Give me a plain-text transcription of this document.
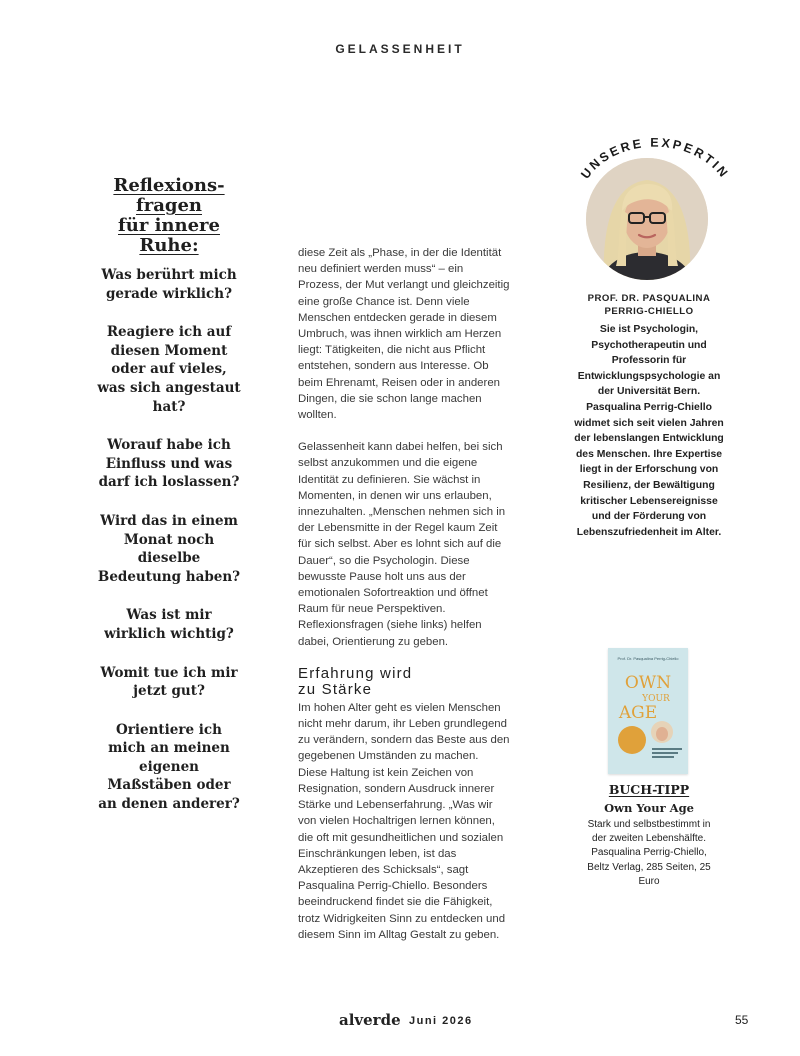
GELASSENHEIT
Reflexions-
fragen
für innere
Ruhe:
Was berührt mich gerade wirklich?
Reagiere ich auf diesen Moment oder auf vieles, was sich angestaut hat?
Worauf habe ich Einfluss und was darf ich loslassen?
Wird das in einem Monat noch dieselbe Bedeutung haben?
Was ist mir wirklich wichtig?
Womit tue ich mir jetzt gut?
Orientiere ich mich an meinen eigenen Maßstäben oder an denen anderer?

diese Zeit als „Phase, in der die Identität neu definiert werden muss“ – ein Prozess, der Mut verlangt und gleichzeitig eine große Chance ist. Denn viele Menschen entdecken gerade in diesem Umbruch, was ihnen wirklich am Herzen liegt: Tätigkeiten, die nicht aus Pflicht entstehen, sondern aus Interesse. Ob beim Ehrenamt, Reisen oder in anderen Dingen, die sie schon lange machen wollten.

Gelassenheit kann dabei helfen, bei sich selbst anzukommen und die eigene Identität zu definieren. Sie wächst in Momenten, in denen wir uns erlauben, innezuhalten. „Menschen nehmen sich in der Lebensmitte in der Regel kaum Zeit für sich selbst. Aber es lohnt sich auf die Dauer“, so die Psychologin. Diese bewusste Pause holt uns aus der emotionalen Sofortreaktion und öffnet Raum für neue Perspektiven. Reflexionsfragen (siehe links) helfen dabei, Orientierung zu geben.

Erfahrung wird
zu Stärke

Im hohen Alter geht es vielen Menschen nicht mehr darum, ihr Leben grundlegend zu verändern, sondern das Beste aus den gegebenen Umständen zu machen. Diese Haltung ist kein Zeichen von Resignation, sondern Ausdruck innerer Stärke und Lebenserfahrung. „Was wir von vielen Hochaltrigen lernen können, die oft mit gesundheitlichen und sozialen Einschränkungen leben, ist das Akzeptieren des Schicksals“, sagt Pasqualina Perrig-Chiello. Besonders beeindruckend findet sie die Fähigkeit, trotz Widrigkeiten Sinn zu entdecken und diesem Sinn im Alltag Gestalt zu geben.

UNSERE EXPERTIN
PROF. DR. PASQUALINA
PERRIG-CHIELLO
Sie ist Psychologin, Psychotherapeutin und Professorin für Entwicklungspsychologie an der Universität Bern. Pasqualina Perrig-Chiello widmet sich seit vielen Jahren der lebenslangen Entwicklung des Menschen. Ihre Expertise liegt in der Erforschung von Resilienz, der Bewältigung kritischer Lebensereignisse und der Förderung von Lebenszufriedenheit im Alter.
Prof. Dr. Pasqualina Perrig-Chiello
OWN
YOUR
AGE
BUCH-TIPP
Own Your Age
Stark und selbstbestimmt in der zweiten Lebenshälfte. Pasqualina Perrig-Chiello, Beltz Verlag, 285 Seiten, 25 Euro
alverde Juni 2026	55
